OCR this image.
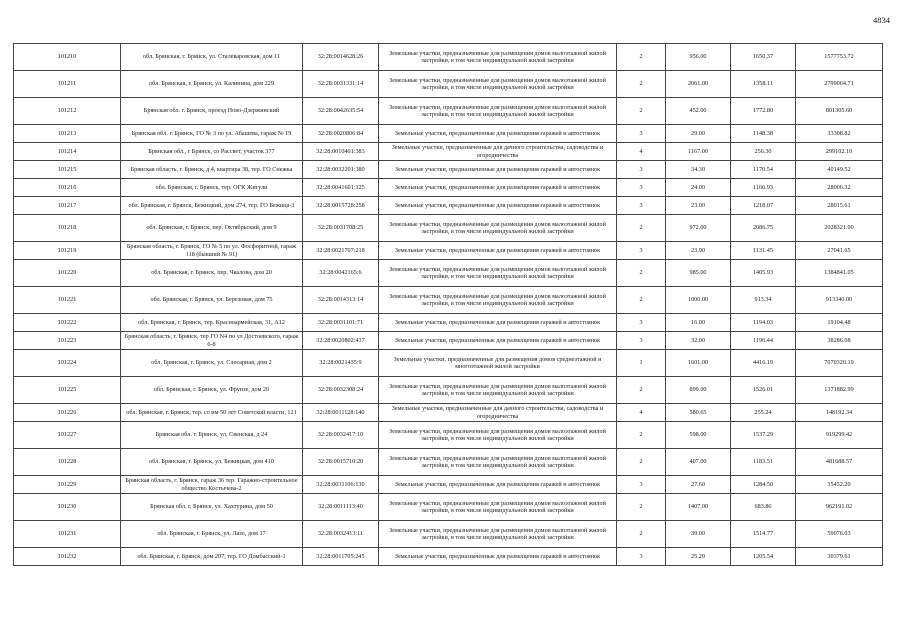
4834
101210	обл. Брянская, г. Брянск, ул. Сталеваровская, дом 11	32:28:0014628:26	Земельные участки, предназначенные для размещения домов малоэтажной жилой застройки, в том числе индивидуальной жилой застройки	2	956.00	1650.37	1577753.72
101211	обл. Брянская, г. Брянск, ул. Калинина, дом 229	32:28:0031331:14	Земельные участки, предназначенные для размещения домов малоэтажной жилой застройки, в том числе индивидуальной жилой застройки	2	2061.00	1358.11	2799064.71
101212	Брянская обл. г. Брянск, проезд Ново-Дзержинский	32:28:0042635:54	Земельные участки, предназначенные для размещения домов малоэтажной жилой застройки, в том числе индивидуальной жилой застройки	2	452.00	1772.80	801305.60
101213	Брянская обл. г. Брянск, ГО № 3 по ул. Абашева, гараж № 19	32:28:0020806:84	Земельные участки, предназначенные для размещения гаражей и автостоянок	3	29.00	1148.38	33308.82
101214	Брянская обл., г Брянск, со Рассвет, участок 377	32:28:0010401:383	Земельные участки, предназначенные для дачного строительства, садоводства и огородничества	4	1167.00	256.30	299102.10
101215	Брянская область, г. Брянск, д 4, квартира 38, тер. ГО Снежка	32:28:0032201:380	Земельные участки, предназначенные для размещения гаражей и автостоянок	3	34.30	1170.54	40149.52
101216	обл. Брянская, г. Брянск, тер. ОГК Жигули	32:28:0041601:125	Земельные участки, предназначенные для размещения гаражей и автостоянок	3	24.00	1166.93	28006.32
101217	обл. Брянская, г. Брянск, Бежицкий, дом 274, тер. ГО Бежица-3	32:28:0015728:258	Земельные участки, предназначенные для размещения гаражей и автостоянок	3	23.00	1218.07	28015.61
101218	обл. Брянская, г. Брянск, пер. Октябрьский, дом 9	32:28:0031708:25	Земельные участки, предназначенные для размещения домов малоэтажной жилой застройки, в том числе индивидуальной жилой застройки	2	972.00	2086.75	2028321.00
101219	Брянская область, г. Брянск, ГО № 5 по ул. Фосфоритной, гараж 118 (бывший № 91)	32:28:0021707:218	Земельные участки, предназначенные для размещения гаражей и автостоянок	3	23.90	1131.45	27041.65
101220	обл. Брянская, г. Брянск, пер. Чкалова, дом 20	32:28:0042165:6	Земельные участки, предназначенные для размещения домов малоэтажной жилой застройки, в том числе индивидуальной жилой застройки	2	985.00	1405.93	1384841.05
101221	обл. Брянская, г. Брянск, ул. Березовая, дом 75	32:28:0014313:14	Земельные участки, предназначенные для размещения домов малоэтажной жилой застройки, в том числе индивидуальной жилой застройки	2	1000.00	913.34	913340.00
101222	обл. Брянская, г. Брянск, тер. Красноармейская, 31, А12	32:28:0031101:71	Земельные участки, предназначенные для размещения гаражей и автостоянок	3	16.00	1194.03	19104.48
101223	Брянская область, г. Брянск, тер ГО N4 по ул Достоевского, гараж 6-8	32:28:0020802:437	Земельные участки, предназначенные для размещения гаражей и автостоянок	3	32.00	1196.44	38286.08
101224	обл. Брянская, г. Брянск, ул. Слесарная, дом 2	32:28:0021435:9	Земельные участки, предназначенные для размещения домов среднеэтажной и многоэтажной жилой застройки	1	1601.00	4416.19	7070320.19
101225	обл. Брянская, г. Брянск, ул. Фрунзе, дом 20	32:28:0032308:24	Земельные участки, предназначенные для размещения домов малоэтажной жилой застройки, в том числе индивидуальной жилой застройки	2	899.00	1526.01	1371882.99
101226	обл. Брянская, г. Брянск, тер. со им 50 лет Советской власти, 121	32:28:0011128:140	Земельные участки, предназначенные для дачного строительства, садоводства и огородничества	4	580.65	255.24	148192.34
101227	Брянская обл. г. Брянск, ул. Свенская, д 24	32:28:0032417:10	Земельные участки, предназначенные для размещения домов малоэтажной жилой застройки, в том числе индивидуальной жилой застройки	2	598.00	1537.29	919299.42
101228	обл. Брянская, г. Брянск, ул. Бежицкая, дом 410	32:28:0015710:20	Земельные участки, предназначенные для размещения домов малоэтажной жилой застройки, в том числе индивидуальной жилой застройки	2	407.00	1183.51	481688.57
101229	Брянская область, г. Брянск, гараж 36 тер. Гаражно-строительное общество Костычева-2	32:28:0031106:130	Земельные участки, предназначенные для размещения гаражей и автостоянок	3	27.60	1284.50	35452.20
101230	Брянская обл. г. Брянск, ул. Хахтурина, дом 50	32:28:0011113:40	Земельные участки, предназначенные для размещения домов малоэтажной жилой застройки, в том числе индивидуальной жилой застройки	2	1407.00	683.86	962191.02
101231	обл. Брянская, г. Брянск, ул. Лазо, дом 17	32:28:0032413:11	Земельные участки, предназначенные для размещения домов малоэтажной жилой застройки, в том числе индивидуальной жилой застройки	2	39.00	1514.77	59076.03
101232	обл. Брянская, г. Брянск, дом 207, тер. ГО Домбасский-1	32:28:0011705:245	Земельные участки, предназначенные для размещения гаражей и автостоянок	3	25.20	1205.54	30379.61
